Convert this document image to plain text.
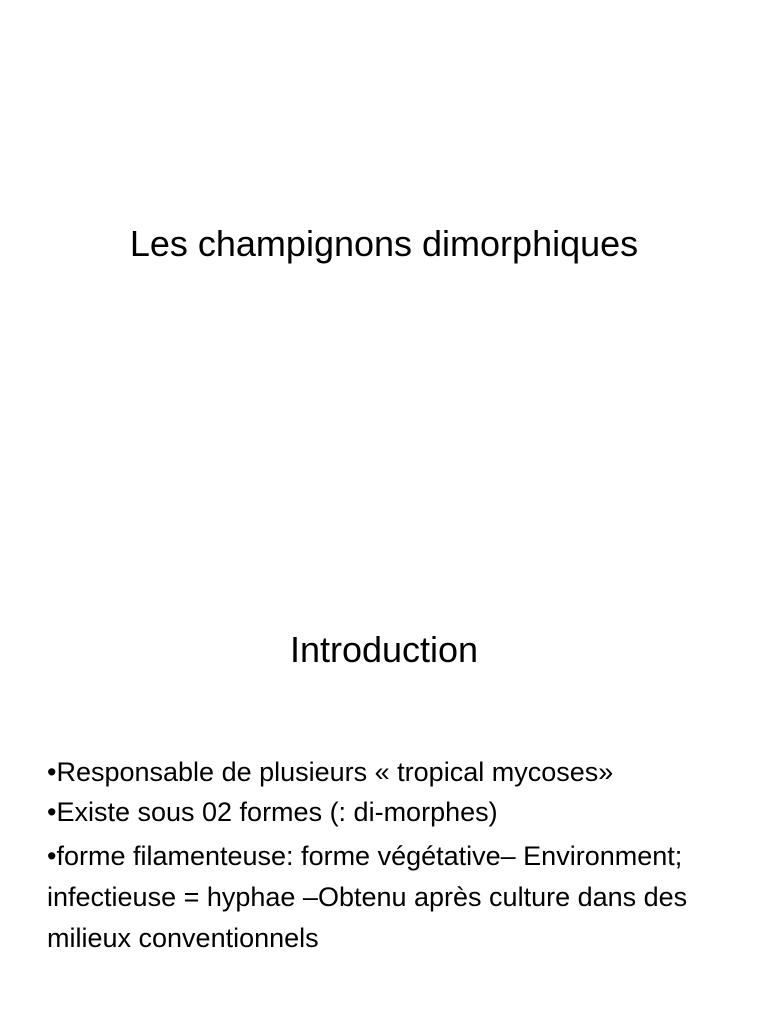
Les champignons dimorphiques
Introduction
•Responsable de plusieurs « tropical mycoses»
•Existe sous 02 formes (: di-morphes)
•forme filamenteuse: forme végétative– Environment; infectieuse = hyphae –Obtenu après culture dans des milieux conventionnels
